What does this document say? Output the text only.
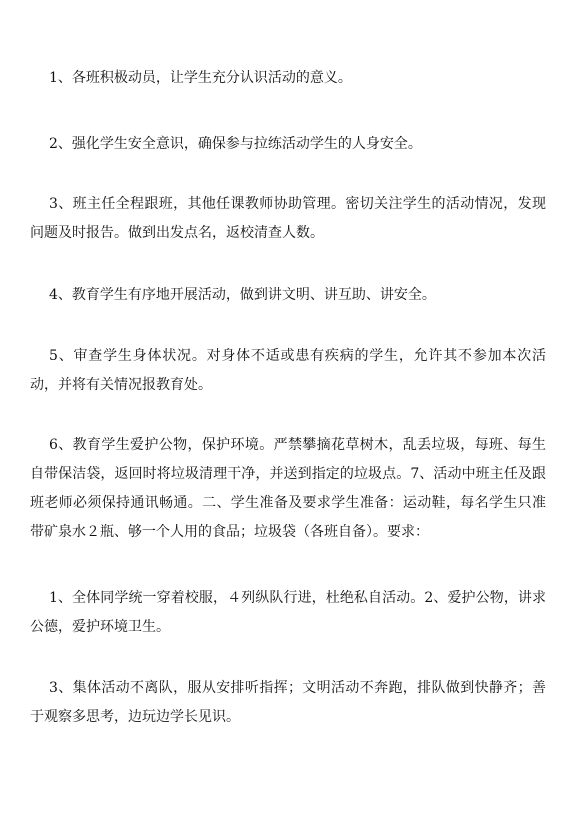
1、各班积极动员，让学生充分认识活动的意义。

2、强化学生安全意识，确保参与拉练活动学生的人身安全。

3、班主任全程跟班，其他任课教师协助管理。密切关注学生的活动情况，发现问题及时报告。做到出发点名，返校清查人数。

4、教育学生有序地开展活动，做到讲文明、讲互助、讲安全。

5、审查学生身体状况。对身体不适或患有疾病的学生，允许其不参加本次活动，并将有关情况报教育处。

6、教育学生爱护公物，保护环境。严禁攀摘花草树木，乱丢垃圾，每班、每生自带保洁袋，返回时将垃圾清理干净，并送到指定的垃圾点。7、活动中班主任及跟班老师必须保持通讯畅通。二、学生准备及要求学生准备：运动鞋，每名学生只准带矿泉水２瓶、够一个人用的食品；垃圾袋（各班自备）。要求：

1、全体同学统一穿着校服，４列纵队行进，杜绝私自活动。2、爱护公物，讲求公德，爱护环境卫生。

3、集体活动不离队，服从安排听指挥；文明活动不奔跑，排队做到快静齐；善于观察多思考，边玩边学长见识。
